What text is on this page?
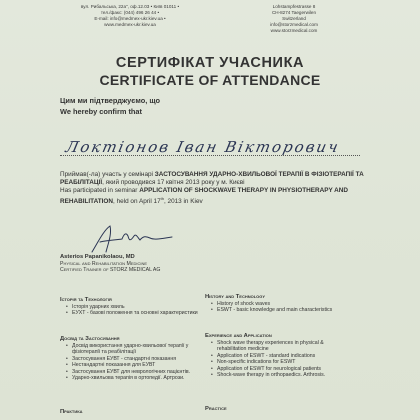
вул. Рибальська, 22а", оф.12.03 • Київ 01011 •
тел./факс: (044) 496 26 44 •
E-mail: info@medmex-ukr.kiev.ua •
www.medmex-ukr.kiev.ua
Lohstampfestrasse 8
CH-8274 Taegerwilen
Switzerland
info@storzmedical.com
www.storzmedical.com
СЕРТИФІКАТ УЧАСНИКА
CERTIFICATE OF ATTENDANCE
Цим ми підтверджуємо, що
We hereby confirm that
Локтіонов Іван Вікторович
Приймав(-ла) участь у семінарі ЗАСТОСУВАННЯ УДАРНО-ХВИЛЬОВОЇ ТЕРАПІЇ В ФІЗІОТЕРАПІЇ ТА РЕАБІЛІТАЦІЇ, який проводився 17 квітня 2013 року у м. Києві
Has participated in seminar APPLICATION OF SHOCKWAVE THERAPY IN PHYSIOTHERAPY AND REHABILITATION, held on April 17th, 2013 in Kiev
Asterios Papanikolaou, MD
Physical and Rehabilitation Medicine
Certified Trainer of STORZ MEDICAL AG
Історія та Технологія
• Історія ударних хвиль
• ЕУХТ - базові положення та основні характеристики
Досвід та Застосування
• Досвід використання ударно-хвильової терапії у фізіотерапії та реабілітації
• Застосування ЕУВТ - стандартні показання
• Нестандартні показання для ЕУВТ
• Застосування ЕУВТ для неврологічних пацієнтів.
• Ударно-хвильова терапія в ортопедії. Артрози.
Практика
History and Technology
• History of shock waves
• ESWT - basic knowledge and main characteristics
Experience and Application
• Shock wave therapy experiences in physical & rehabilitation medicine
• Application of ESWT - standard indications
• Non-specific indications for ESWT
• Application of ESWT for neurological patients
• Shock-wave therapy in orthopaedics. Arthrosis.
Practice
